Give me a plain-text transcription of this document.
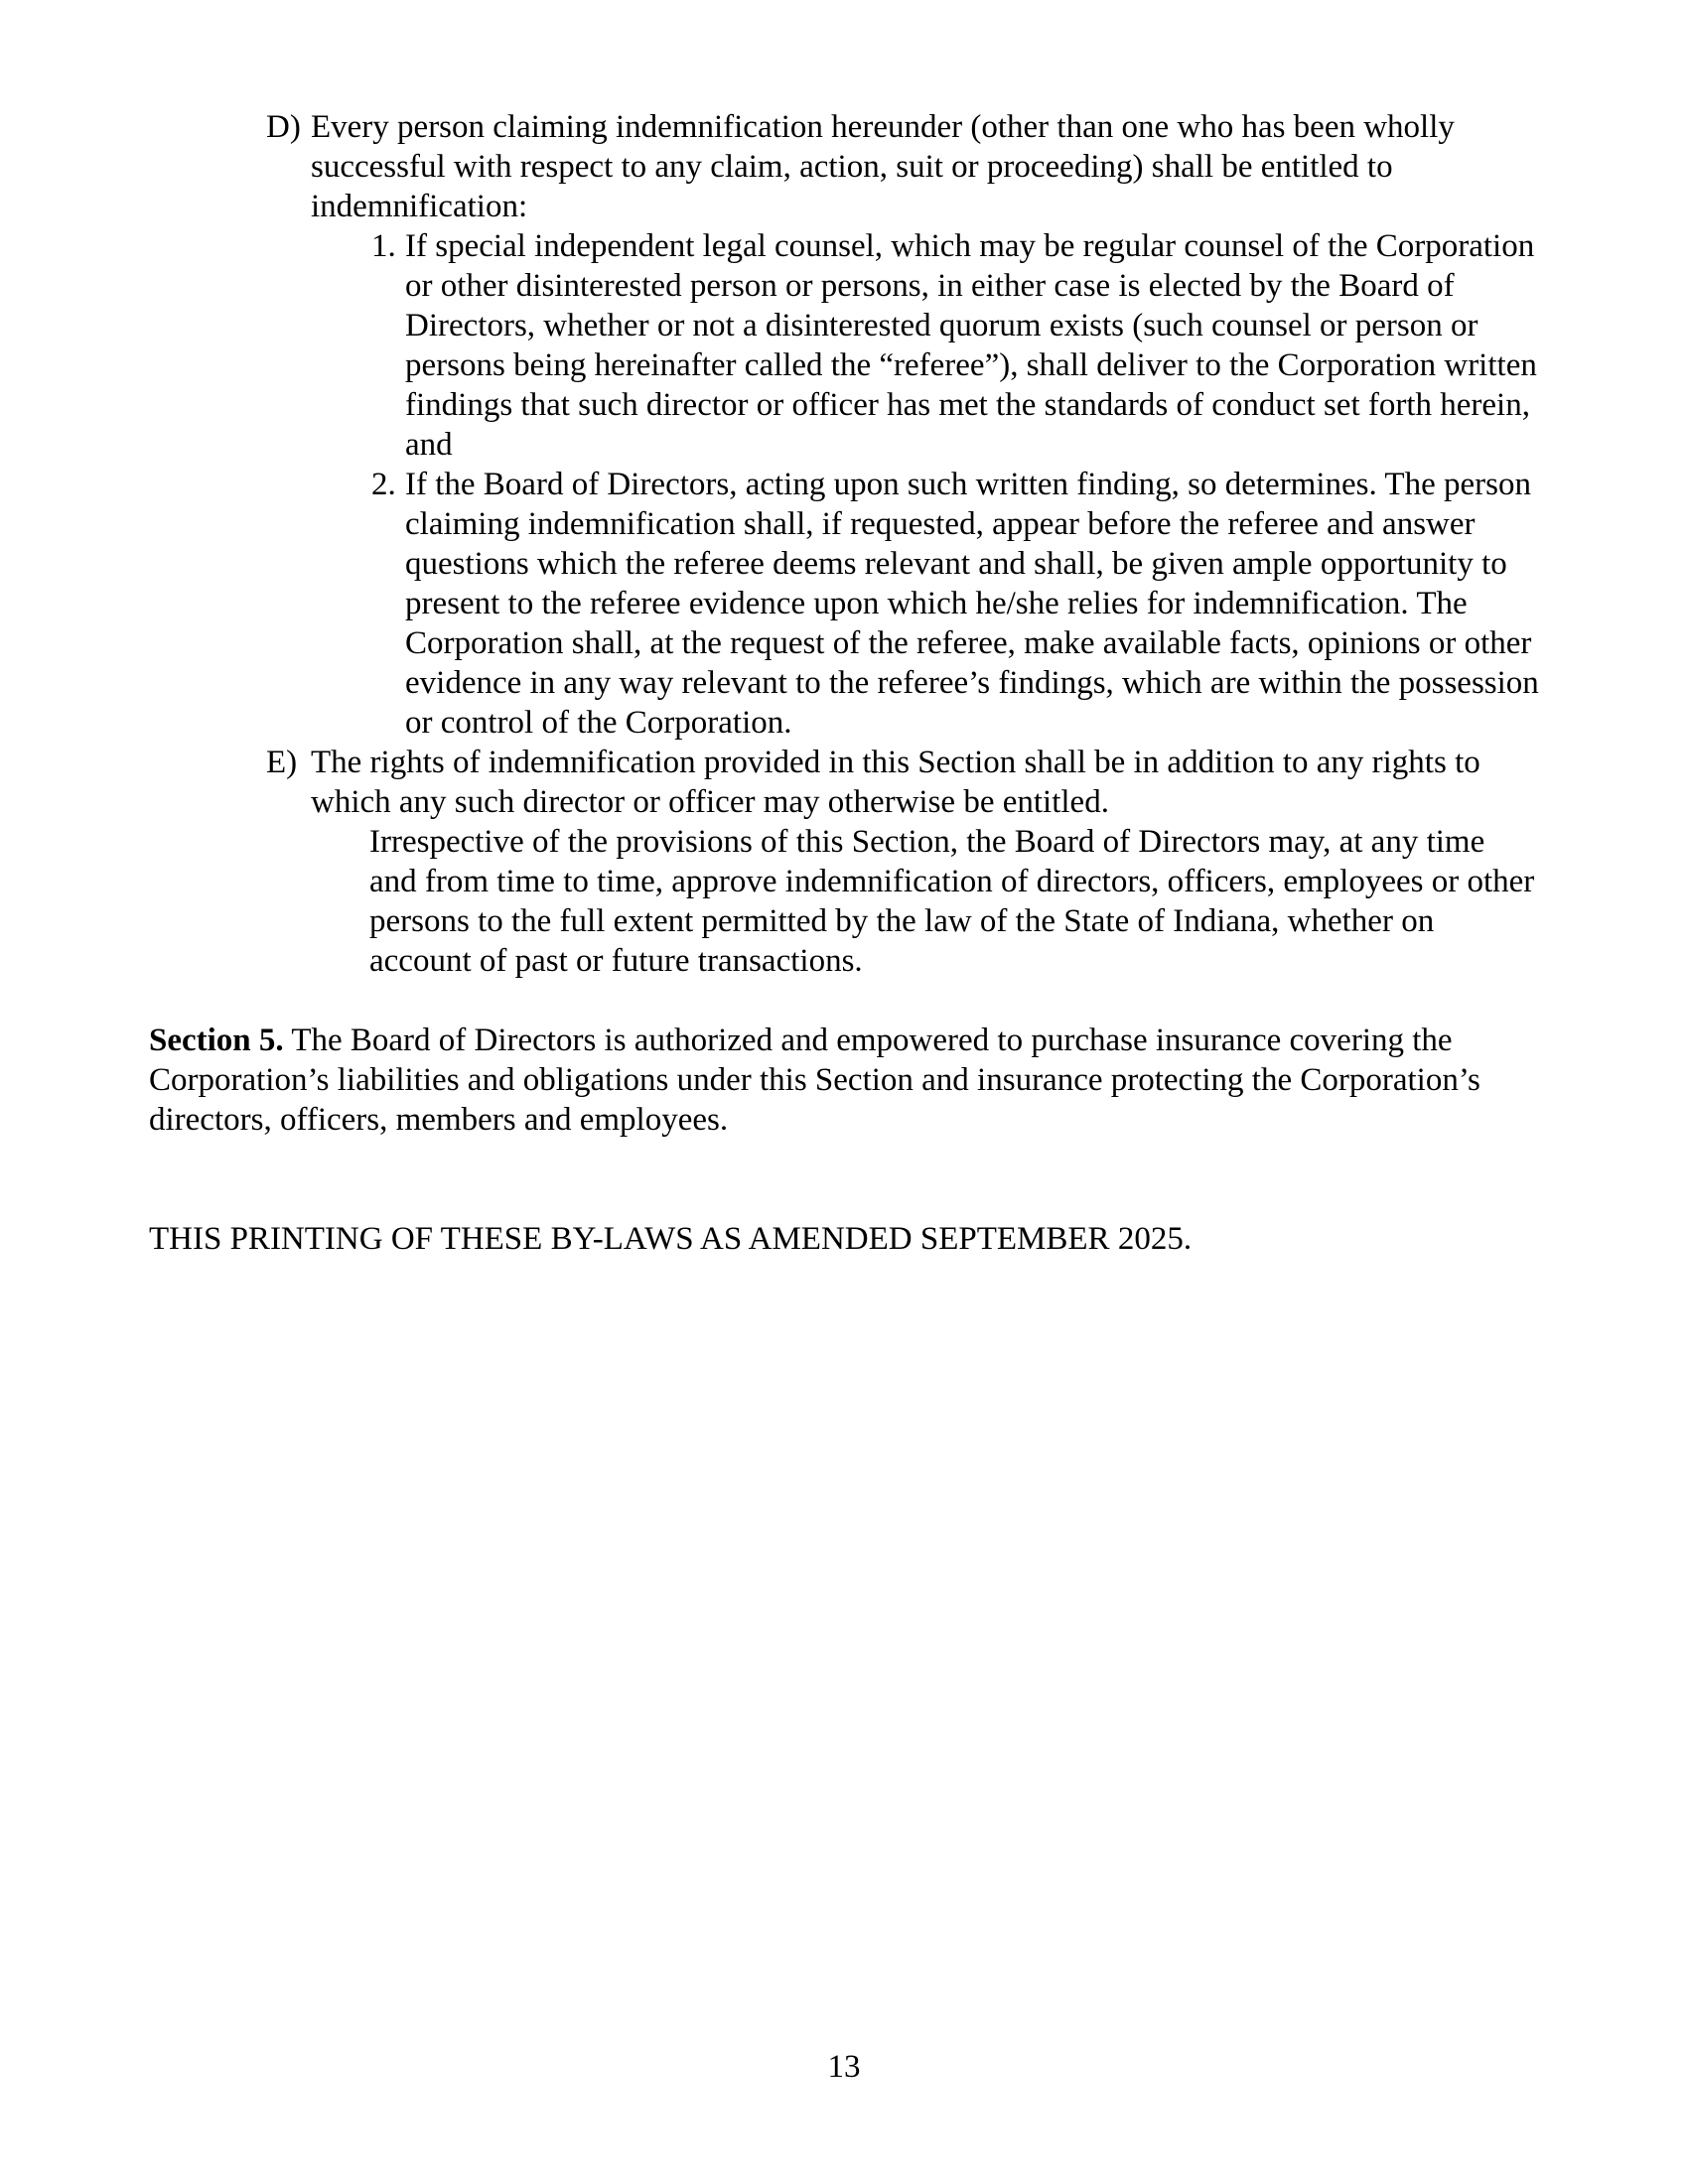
D) Every person claiming indemnification hereunder (other than one who has been wholly successful with respect to any claim, action, suit or proceeding) shall be entitled to indemnification:
1. If special independent legal counsel, which may be regular counsel of the Corporation or other disinterested person or persons, in either case is elected by the Board of Directors, whether or not a disinterested quorum exists (such counsel or person or persons being hereinafter called the “referee”), shall deliver to the Corporation written findings that such director or officer has met the standards of conduct set forth herein, and
2. If the Board of Directors, acting upon such written finding, so determines. The person claiming indemnification shall, if requested, appear before the referee and answer questions which the referee deems relevant and shall, be given ample opportunity to present to the referee evidence upon which he/she relies for indemnification. The Corporation shall, at the request of the referee, make available facts, opinions or other evidence in any way relevant to the referee’s findings, which are within the possession or control of the Corporation.
E) The rights of indemnification provided in this Section shall be in addition to any rights to which any such director or officer may otherwise be entitled.
Irrespective of the provisions of this Section, the Board of Directors may, at any time and from time to time, approve indemnification of directors, officers, employees or other persons to the full extent permitted by the law of the State of Indiana, whether on account of past or future transactions.
Section 5. The Board of Directors is authorized and empowered to purchase insurance covering the Corporation’s liabilities and obligations under this Section and insurance protecting the Corporation’s directors, officers, members and employees.
THIS PRINTING OF THESE BY-LAWS AS AMENDED SEPTEMBER 2025.
13
